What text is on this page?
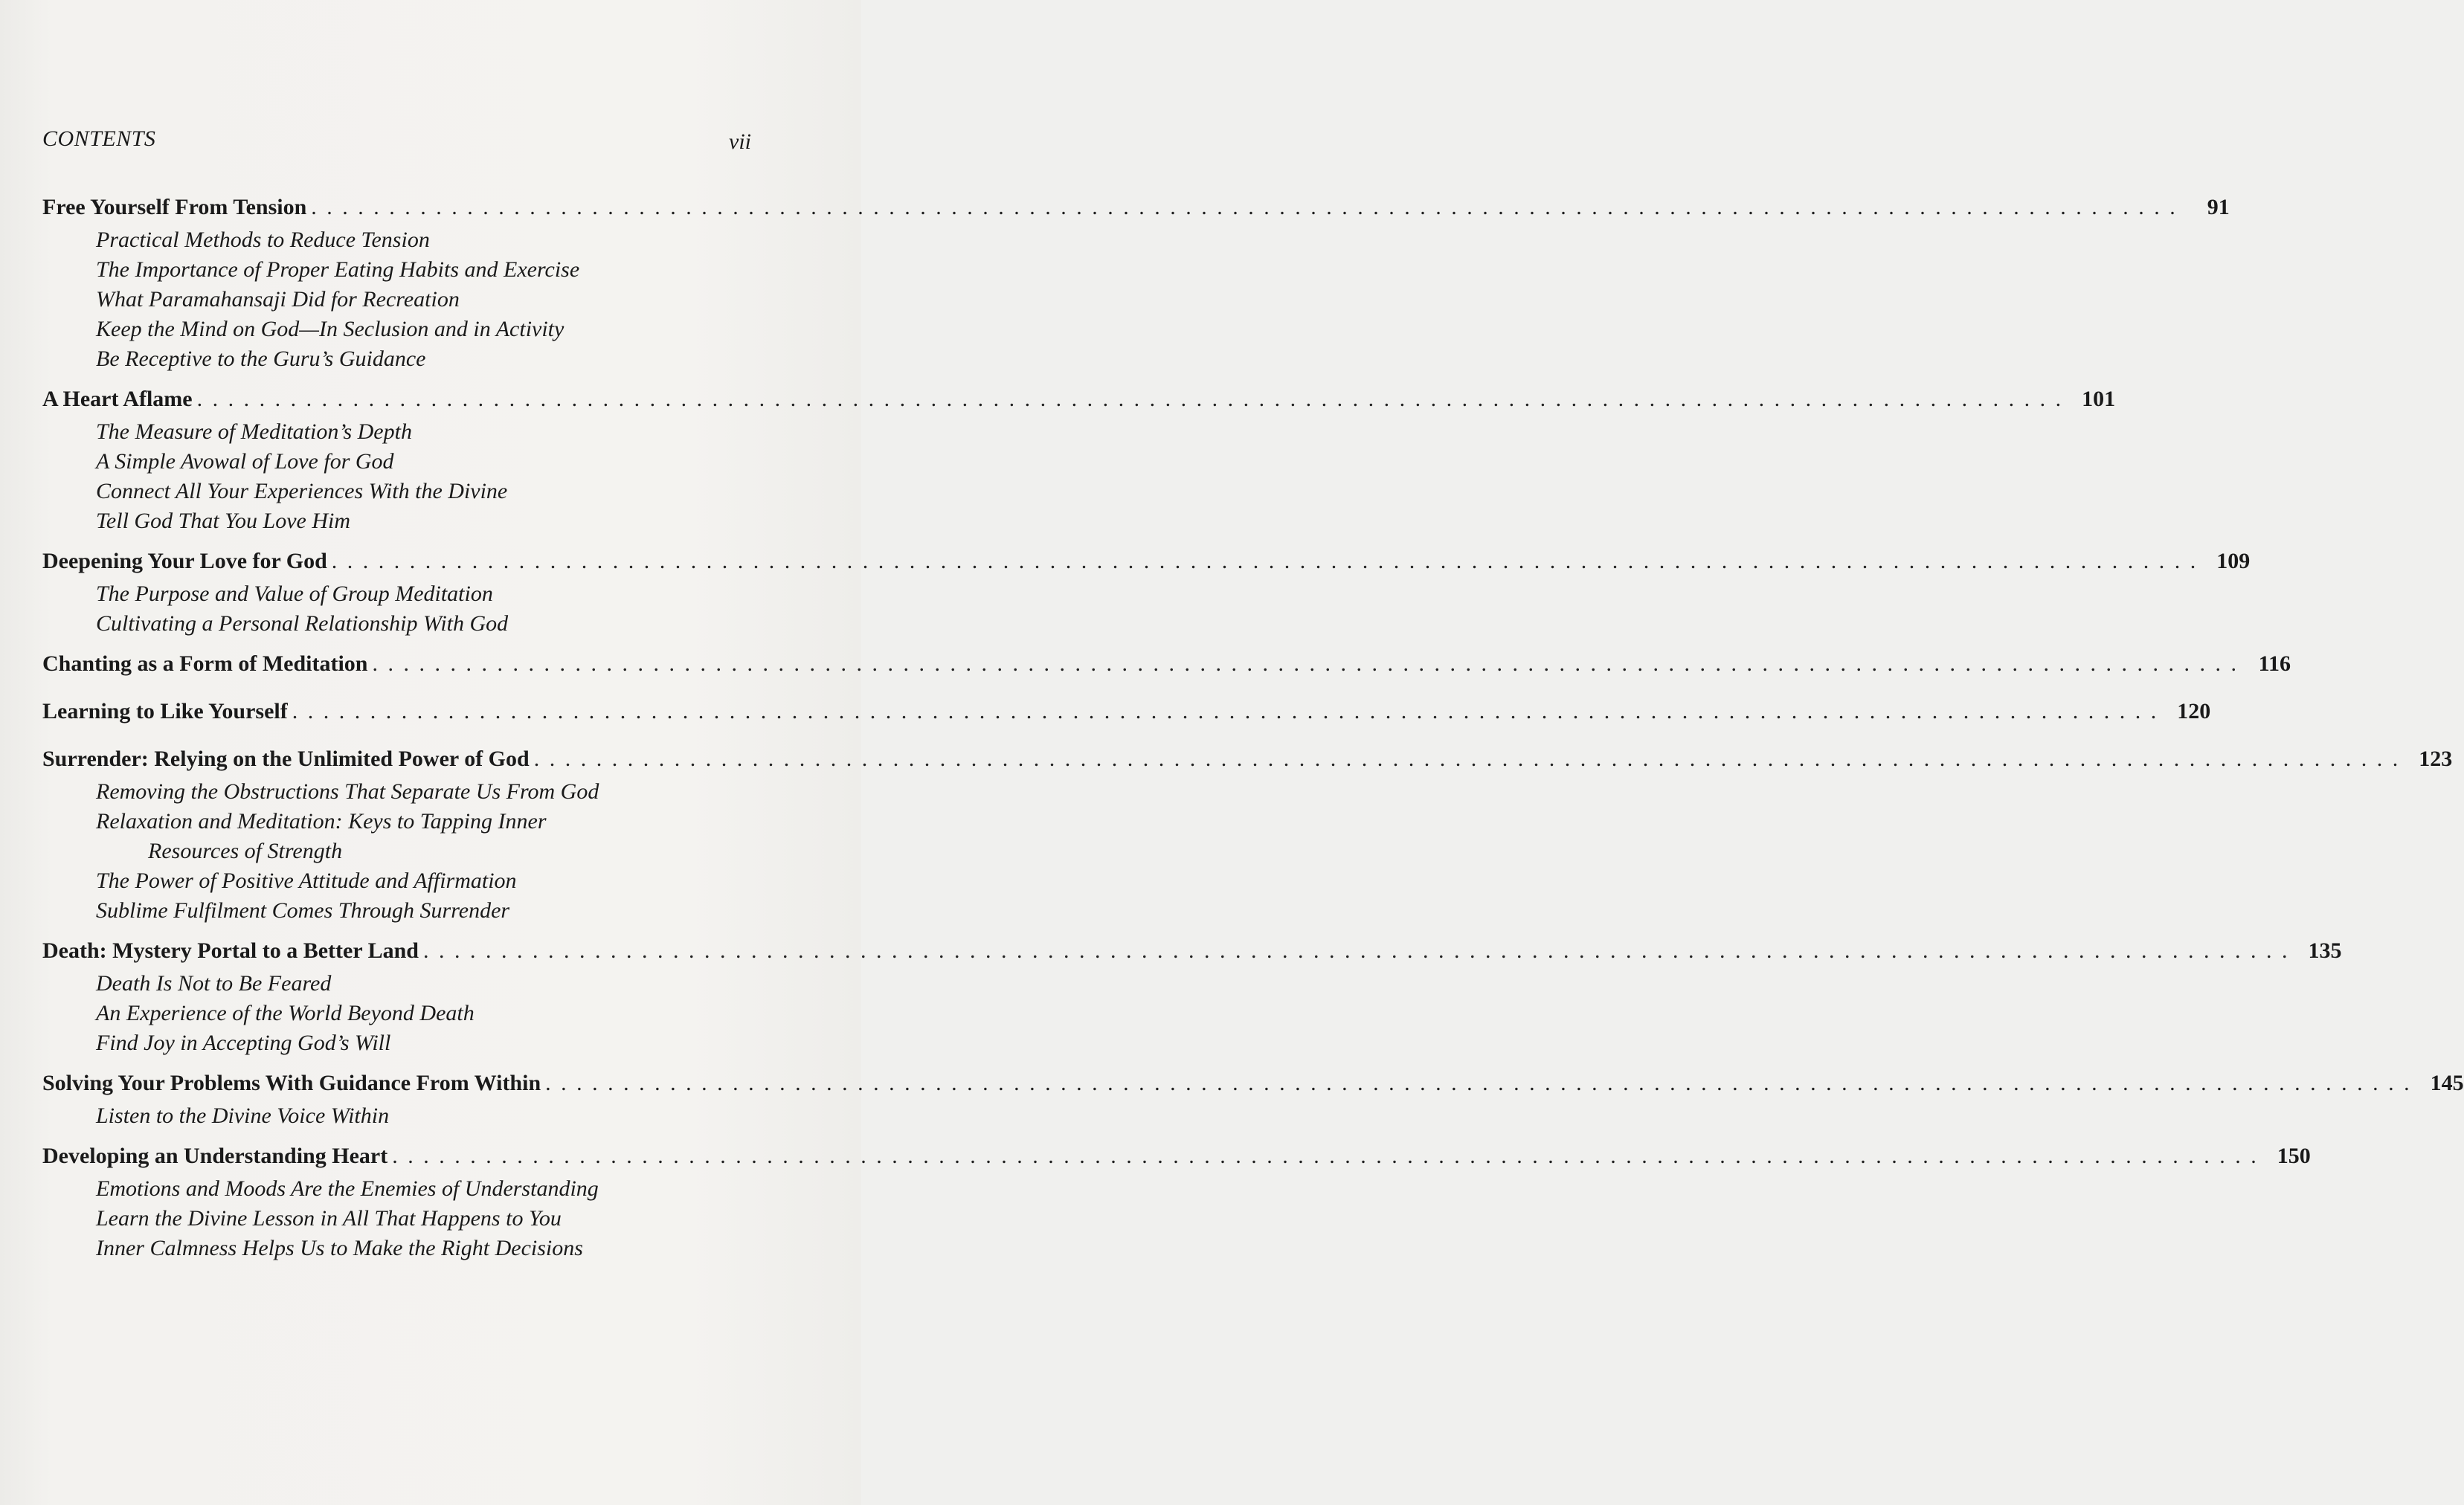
CONTENTS	vii
Free Yourself From Tension . . . . . . . . . . . . . . . . . . . . . . . . . . . . . . . . . . . . . . . . . . . . . . . . . . . . . . . . . . . . . . . . . . . . . . . . . . . . . . . . . . . . . . . . . . . . . . . . . . . . . . . . . . . . . . . . . . . . . . . .	91
Practical Methods to Reduce Tension
The Importance of Proper Eating Habits and Exercise
What Paramahansaji Did for Recreation
Keep the Mind on God—In Seclusion and in Activity
Be Receptive to the Guru’s Guidance
A Heart Aflame . . . . . . . . . . . . . . . . . . . . . . . . . . . . . . . . . . . . . . . . . . . . . . . . . . . . . . . . . . . . . . . . . . . . . . . . . . . . . . . . . . . . . . . . . . . . . . . . . . . . . . . . . . . . . . . . . . . . . . . . 101
The Measure of Meditation’s Depth
A Simple Avowal of Love for God
Connect All Your Experiences With the Divine
Tell God That You Love Him
Deepening Your Love for God . . . . . . . . . . . . . . . . . . . . . . . . . . . . . . . . . . . . . . . . . . . . . . . . . . . . . . . . . . . . . . . . . . . . . . . . . . . . . . . . . . . . . . . . . . . . . . . . . . . . . . . . . . . . . . . . . . . . . . . . 109
The Purpose and Value of Group Meditation
Cultivating a Personal Relationship With God
Chanting as a Form of Meditation . . . . . . . . . . . . . . . . . . . . . . . . . . . . . . . . . . . . . . . . . . . . . . . . . . . . . . . . . . . . . . . . . . . . . . . . . . . . . . . . . . . . . . . . . . . . . . . . . . . . . . . . . . . . . . . . . . . . . . . . 116
Learning to Like Yourself . . . . . . . . . . . . . . . . . . . . . . . . . . . . . . . . . . . . . . . . . . . . . . . . . . . . . . . . . . . . . . . . . . . . . . . . . . . . . . . . . . . . . . . . . . . . . . . . . . . . . . . . . . . . . . . . . . . . . . . . 120
Surrender: Relying on the Unlimited Power of God . . . . . . . . . . . . . . . . . . . . . . . . . . . . . . . . . . . . . . . . . . . . . . . . . . . . . . . . . . . . . . . . . . . . . . . . . . . . . . . . . . . . . . . . . . . . . . . . . . . . . . . . . . . . . . . . . . . . . . . . 123
Removing the Obstructions That Separate Us From God
Relaxation and Meditation: Keys to Tapping Inner
Resources of Strength
The Power of Positive Attitude and Affirmation
Sublime Fulfilment Comes Through Surrender
Death: Mystery Portal to a Better Land . . . . . . . . . . . . . . . . . . . . . . . . . . . . . . . . . . . . . . . . . . . . . . . . . . . . . . . . . . . . . . . . . . . . . . . . . . . . . . . . . . . . . . . . . . . . . . . . . . . . . . . . . . . . . . . . . . . . . . . . 135
Death Is Not to Be Feared
An Experience of the World Beyond Death
Find Joy in Accepting God’s Will
Solving Your Problems With Guidance From Within . . . . . . . . . . . . . . . . . . . . . . . . . . . . . . . . . . . . . . . . . . . . . . . . . . . . . . . . . . . . . . . . . . . . . . . . . . . . . . . . . . . . . . . . . . . . . . . . . . . . . . . . . . . . . . . . . . . . . . . . 145
Listen to the Divine Voice Within
Developing an Understanding Heart . . . . . . . . . . . . . . . . . . . . . . . . . . . . . . . . . . . . . . . . . . . . . . . . . . . . . . . . . . . . . . . . . . . . . . . . . . . . . . . . . . . . . . . . . . . . . . . . . . . . . . . . . . . . . . . . . . . . . . . . 150
Emotions and Moods Are the Enemies of Understanding
Learn the Divine Lesson in All That Happens to You
Inner Calmness Helps Us to Make the Right Decisions
